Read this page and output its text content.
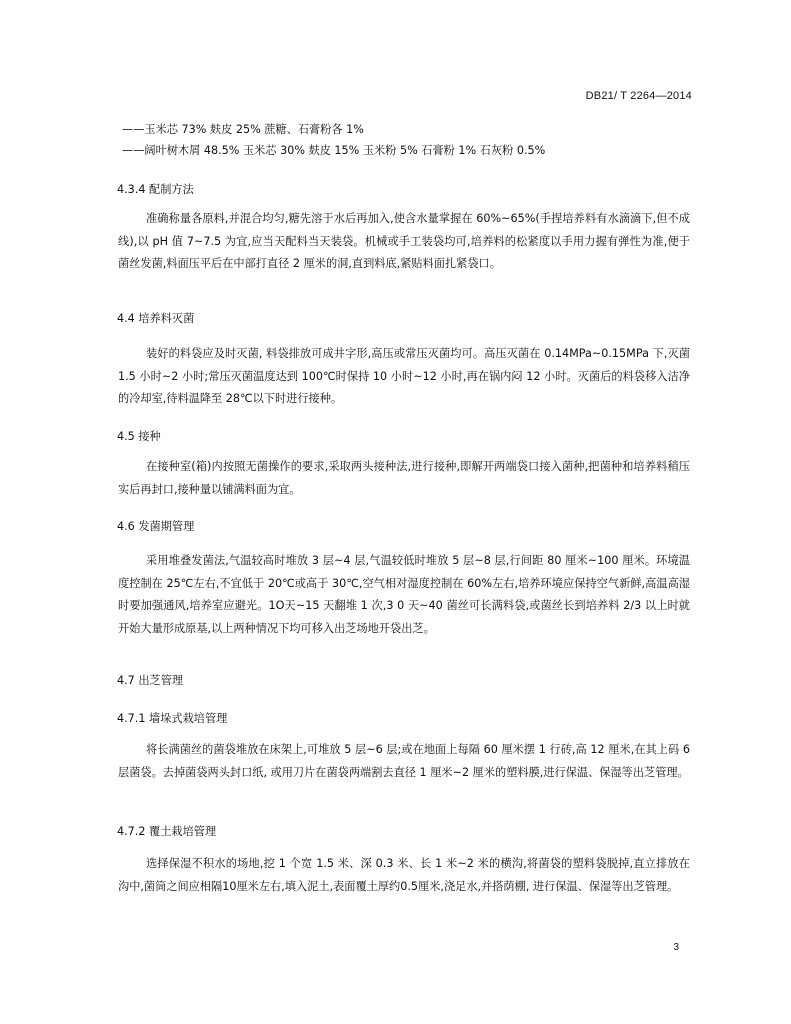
DB21/ T 2264—2014
——玉米芯 73% 麸皮 25% 蔗糖、石膏粉各 1%
——阔叶树木屑 48.5% 玉米芯 30% 麸皮 15% 玉米粉 5% 石膏粉 1% 石灰粉 0.5%
4.3.4 配制方法

准确称量各原料,并混合均匀,糖先溶于水后再加入,使含水量掌握在 60%~65%(手捏培养料有水滴滴下,但不成线),以 pH 值 7~7.5 为宜,应当天配料当天装袋。机械或手工装袋均可,培养料的松紧度以手用力握有弹性为准,便于菌丝发菌,料面压平后在中部打直径 2 厘米的洞,直到料底,紧贴料面扎紧袋口。

4.4 培养料灭菌

装好的料袋应及时灭菌, 料袋排放可成井字形,高压或常压灭菌均可。高压灭菌在 0.14MPa~0.15MPa 下,灭菌 1.5 小时~2 小时;常压灭菌温度达到 100℃时保持 10 小时~12 小时,再在锅内闷 12 小时。灭菌后的料袋移入洁净的冷却室,待料温降至 28℃以下时进行接种。

4.5 接种

在接种室(箱)内按照无菌操作的要求,采取两头接种法,进行接种,即解开两端袋口接入菌种,把菌种和培养料稍压实后再封口,接种量以铺满料面为宜。

4.6 发菌期管理

采用堆叠发菌法,气温较高时堆放 3 层~4 层,气温较低时堆放 5 层~8 层,行间距 80 厘米~100 厘米。环境温度控制在 25℃左右,不宜低于 20℃或高于 30℃,空气相对湿度控制在 60%左右,培养环境应保持空气新鲜,高温高湿时要加强通风,培养室应避光。1O天~15 天翻堆 1 次,3 0 天~40 菌丝可长满料袋,或菌丝长到培养料 2/3 以上时就开始大量形成原基,以上两种情况下均可移入出芝场地开袋出芝。

4.7 出芝管理
4.7.1 墙垛式栽培管理

将长满菌丝的菌袋堆放在床架上,可堆放 5 层~6 层;或在地面上每隔 60 厘米摆 1 行砖,高 12 厘米,在其上码 6 层菌袋。去掉菌袋两头封口纸, 或用刀片在菌袋两端割去直径 1 厘米~2 厘米的塑料膜,进行保温、保湿等出芝管理。

4.7.2 覆土栽培管理

选择保湿不积水的场地,挖 1 个宽 1.5 米、深 0.3 米、长 1 米~2 米的横沟,将菌袋的塑料袋脱掉,直立排放在沟中,菌筒之间应相隔10厘米左右,填入泥土,表面覆土厚约0.5厘米,浇足水,并搭荫棚, 进行保温、保湿等出芝管理。

3
